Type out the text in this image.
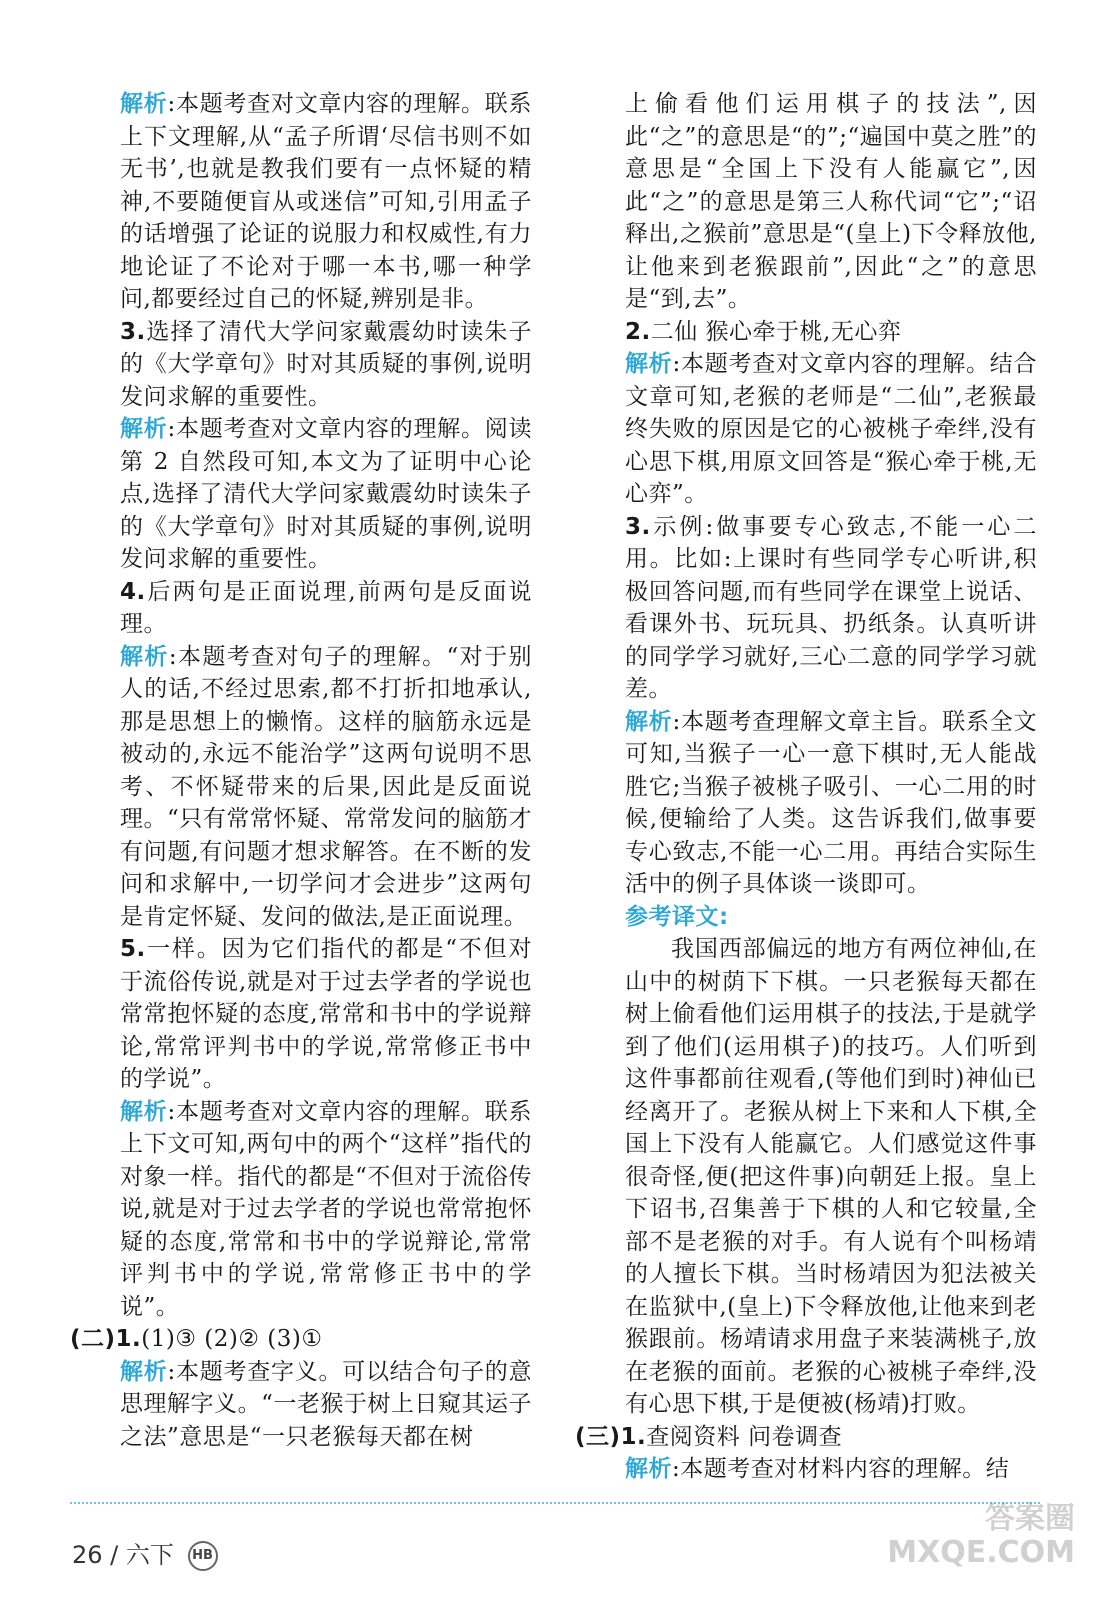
解析:本题考查对文章内容的理解。联系上下文理解,从“孟子所谓‘尽信书则不如无书’,也就是教我们要有一点怀疑的精神,不要随便盲从或迷信”可知,引用孟子的话增强了论证的说服力和权威性,有力地论证了不论对于哪一本书,哪一种学问,都要经过自己的怀疑,辨别是非。

3.选择了清代大学问家戴震幼时读朱子的《大学章句》时对其质疑的事例,说明发问求解的重要性。

解析:本题考查对文章内容的理解。阅读第 2 自然段可知,本文为了证明中心论点,选择了清代大学问家戴震幼时读朱子的《大学章句》时对其质疑的事例,说明发问求解的重要性。

4.后两句是正面说理,前两句是反面说理。

解析:本题考查对句子的理解。“对于别人的话,不经过思索,都不打折扣地承认,那是思想上的懒惰。这样的脑筋永远是被动的,永远不能治学”这两句说明不思考、不怀疑带来的后果,因此是反面说理。“只有常常怀疑、常常发问的脑筋才有问题,有问题才想求解答。在不断的发问和求解中,一切学问才会进步”这两句是肯定怀疑、发问的做法,是正面说理。

5.一样。因为它们指代的都是“不但对于流俗传说,就是对于过去学者的学说也常常抱怀疑的态度,常常和书中的学说辩论,常常评判书中的学说,常常修正书中的学说”。

解析:本题考查对文章内容的理解。联系上下文可知,两句中的两个“这样”指代的对象一样。指代的都是“不但对于流俗传说,就是对于过去学者的学说也常常抱怀疑的态度,常常和书中的学说辩论,常常评判书中的学说,常常修正书中的学说”。

(二)1.(1)③ (2)② (3)①

解析:本题考查字义。可以结合句子的意思理解字义。“一老猴于树上日窥其运子之法”意思是“一只老猴每天都在树

上偷看他们运用棋子的技法”,因此“之”的意思是“的”;“遍国中莫之胜”的意思是“全国上下没有人能赢它”,因此“之”的意思是第三人称代词“它”;“诏释出,之猴前”意思是“(皇上)下令释放他,让他来到老猴跟前”,因此“之”的意思是“到,去”。

2.二仙 猴心牵于桃,无心弈

解析:本题考查对文章内容的理解。结合文章可知,老猴的老师是“二仙”,老猴最终失败的原因是它的心被桃子牵绊,没有心思下棋,用原文回答是“猴心牵于桃,无心弈”。

3.示例:做事要专心致志,不能一心二用。比如:上课时有些同学专心听讲,积极回答问题,而有些同学在课堂上说话、看课外书、玩玩具、扔纸条。认真听讲的同学学习就好,三心二意的同学学习就差。

解析:本题考查理解文章主旨。联系全文可知,当猴子一心一意下棋时,无人能战胜它;当猴子被桃子吸引、一心二用的时候,便输给了人类。这告诉我们,做事要专心致志,不能一心二用。再结合实际生活中的例子具体谈一谈即可。

参考译文:

我国西部偏远的地方有两位神仙,在山中的树荫下下棋。一只老猴每天都在树上偷看他们运用棋子的技法,于是就学到了他们(运用棋子)的技巧。人们听到这件事都前往观看,(等他们到时)神仙已经离开了。老猴从树上下来和人下棋,全国上下没有人能赢它。人们感觉这件事很奇怪,便(把这件事)向朝廷上报。皇上下诏书,召集善于下棋的人和它较量,全部不是老猴的对手。有人说有个叫杨靖的人擅长下棋。当时杨靖因为犯法被关在监狱中,(皇上)下令释放他,让他来到老猴跟前。杨靖请求用盘子来装满桃子,放在老猴的面前。老猴的心被桃子牵绊,没有心思下棋,于是便被(杨靖)打败。

(三)1.查阅资料 问卷调查

解析:本题考查对材料内容的理解。结

26 / 六下 HB
答案圈
MXQE.COM
